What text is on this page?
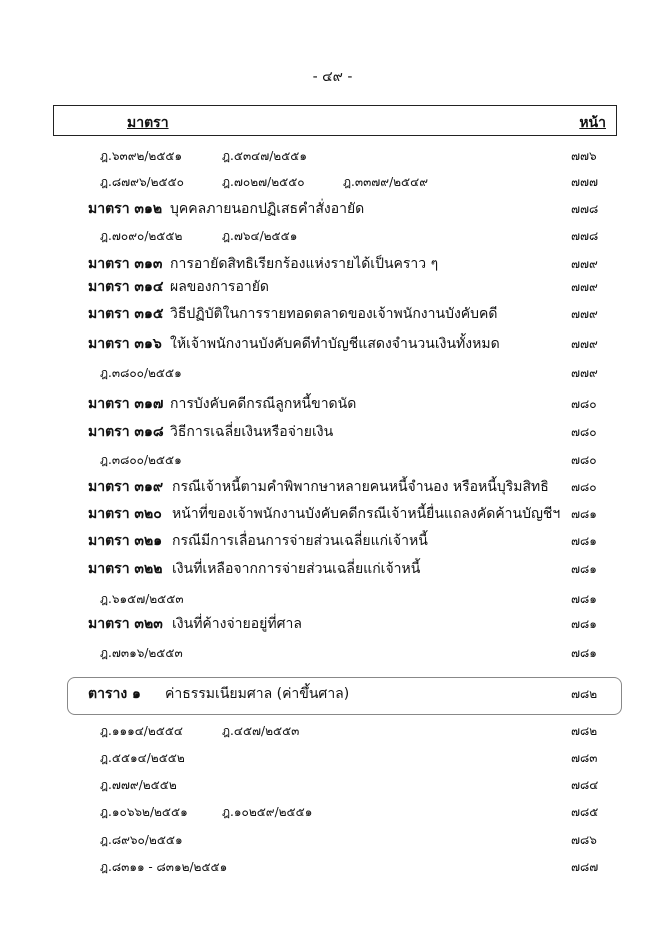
- ๔๙ -
มาตรา	หน้า
ฎ.๖๓๙๒/๒๕๕๑	ฎ.๕๓๔๗/๒๕๕๑	๗๗๖
ฎ.๘๗๙๖/๒๕๕๐	ฎ.๗๐๒๗/๒๕๕๐	ฎ.๓๓๗๙/๒๕๔๙	๗๗๗
มาตรา ๓๑๒ บุคคลภายนอกปฏิเสธคำสั่งอายัด	๗๗๘
ฎ.๗๐๙๐/๒๕๕๒	ฎ.๗๖๔/๒๕๕๑	๗๗๘
มาตรา ๓๑๓ การอายัดสิทธิเรียกร้องแห่งรายได้เป็นคราว ๆ	๗๗๙
มาตรา ๓๑๔ ผลของการอายัด	๗๗๙
มาตรา ๓๑๕ วิธีปฏิบัติในการรายทอดตลาดของเจ้าพนักงานบังคับคดี	๗๗๙
มาตรา ๓๑๖ ให้เจ้าพนักงานบังคับคดีทำบัญชีแสดงจำนวนเงินทั้งหมด	๗๗๙
ฎ.๓๘๐๐/๒๕๕๑	๗๗๙
มาตรา ๓๑๗ การบังคับคดีกรณีลูกหนี้ขาดนัด	๗๘๐
มาตรา ๓๑๘ วิธีการเฉลี่ยเงินหรือจ่ายเงิน	๗๘๐
ฎ.๓๘๐๐/๒๕๕๑	๗๘๐
มาตรา ๓๑๙ กรณีเจ้าหนี้ตามคำพิพากษาหลายคนหนี้จำนอง หรือหนี้บุริมสิทธิ ๗๘๐
มาตรา ๓๒๐ หน้าที่ของเจ้าพนักงานบังคับคดีกรณีเจ้าหนี้ยื่นแถลงคัดค้านบัญชีฯ ๗๘๑
มาตรา ๓๒๑ กรณีมีการเลื่อนการจ่ายส่วนเฉลี่ยแก่เจ้าหนี้	๗๘๑
มาตรา ๓๒๒ เงินที่เหลือจากการจ่ายส่วนเฉลี่ยแก่เจ้าหนี้	๗๘๑
ฎ.๖๑๕๗/๒๕๕๓	๗๘๑
มาตรา ๓๒๓ เงินที่ค้างจ่ายอยู่ที่ศาล	๗๘๑
ฎ.๗๓๑๖/๒๕๕๓	๗๘๑
ตาราง ๑ ค่าธรรมเนียมศาล (ค่าขึ้นศาล)	๗๘๒
ฎ.๑๑๑๔/๒๕๕๔	ฎ.๔๕๗/๒๕๕๓	๗๘๒
ฎ.๕๕๑๔/๒๕๕๒	๗๘๓
ฎ.๗๗๙/๒๕๕๒	๗๘๔
ฎ.๑๐๖๖๒/๒๕๕๑	ฎ.๑๐๒๕๙/๒๕๕๑	๗๘๕
ฎ.๘๙๖๐/๒๕๕๑	๗๘๖
ฎ.๘๓๑๑ - ๘๓๑๒/๒๕๕๑	๗๘๗
